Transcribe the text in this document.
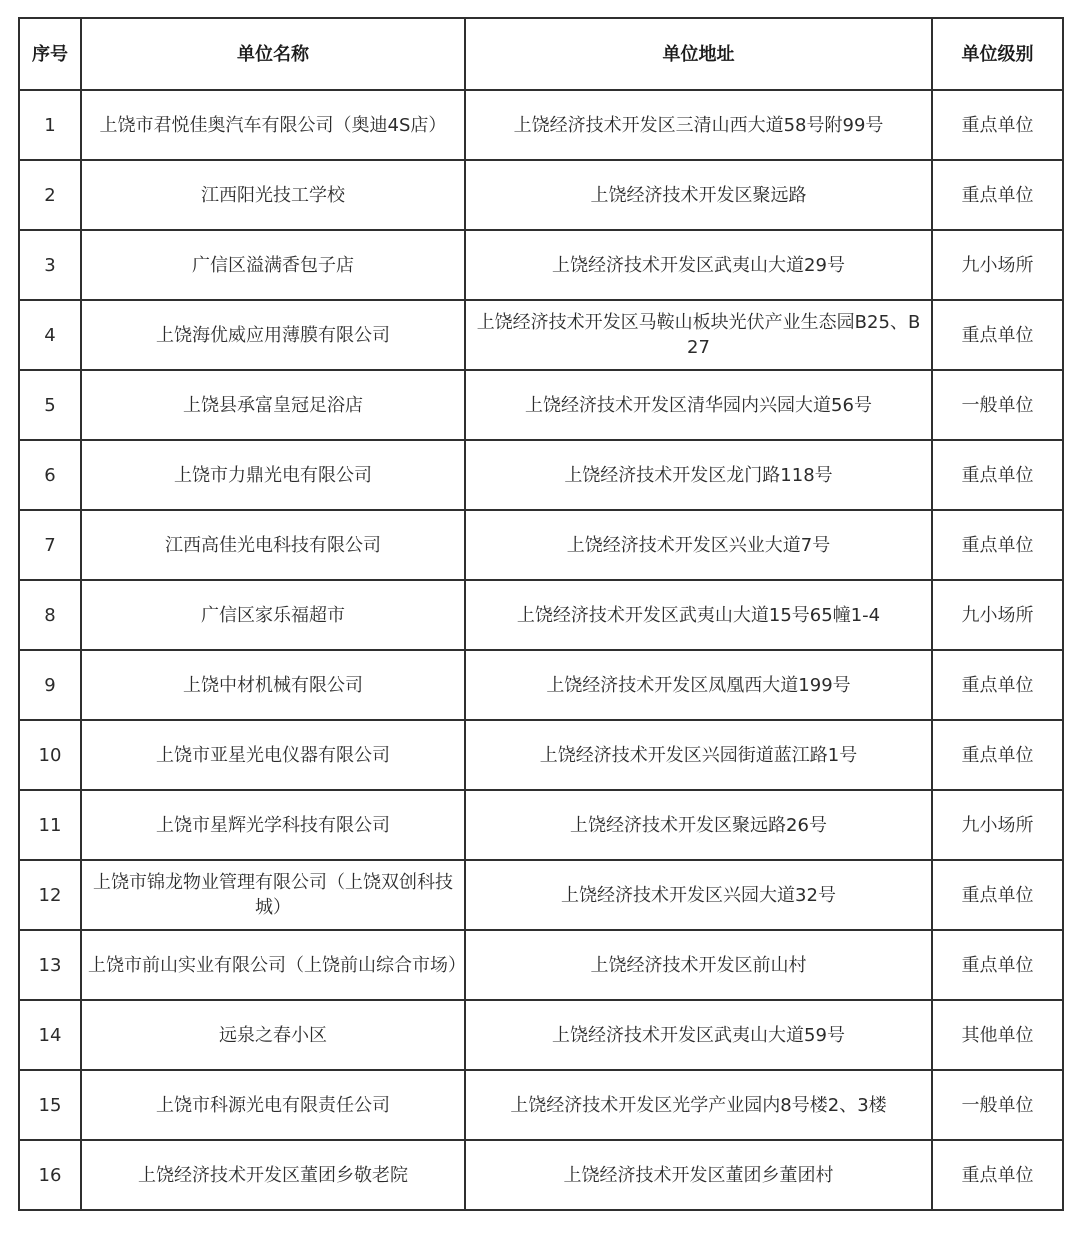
序号	单位名称	单位地址	单位级别
1	上饶市君悦佳奥汽车有限公司（奥迪4S店）	上饶经济技术开发区三清山西大道58号附99号	重点单位
2	江西阳光技工学校	上饶经济技术开发区聚远路	重点单位
3	广信区溢满香包子店	上饶经济技术开发区武夷山大道29号	九小场所
4	上饶海优威应用薄膜有限公司	上饶经济技术开发区马鞍山板块光伏产业生态园B25、B27	重点单位
5	上饶县承富皇冠足浴店	上饶经济技术开发区清华园内兴园大道56号	一般单位
6	上饶市力鼎光电有限公司	上饶经济技术开发区龙门路118号	重点单位
7	江西高佳光电科技有限公司	上饶经济技术开发区兴业大道7号	重点单位
8	广信区家乐福超市	上饶经济技术开发区武夷山大道15号65幢1-4	九小场所
9	上饶中材机械有限公司	上饶经济技术开发区凤凰西大道199号	重点单位
10	上饶市亚星光电仪器有限公司	上饶经济技术开发区兴园街道蓝江路1号	重点单位
11	上饶市星辉光学科技有限公司	上饶经济技术开发区聚远路26号	九小场所
12	上饶市锦龙物业管理有限公司（上饶双创科技城）	上饶经济技术开发区兴园大道32号	重点单位
13	上饶市前山实业有限公司（上饶前山综合市场）	上饶经济技术开发区前山村	重点单位
14	远泉之春小区	上饶经济技术开发区武夷山大道59号	其他单位
15	上饶市科源光电有限责任公司	上饶经济技术开发区光学产业园内8号楼2、3楼	一般单位
16	上饶经济技术开发区董团乡敬老院	上饶经济技术开发区董团乡董团村	重点单位
